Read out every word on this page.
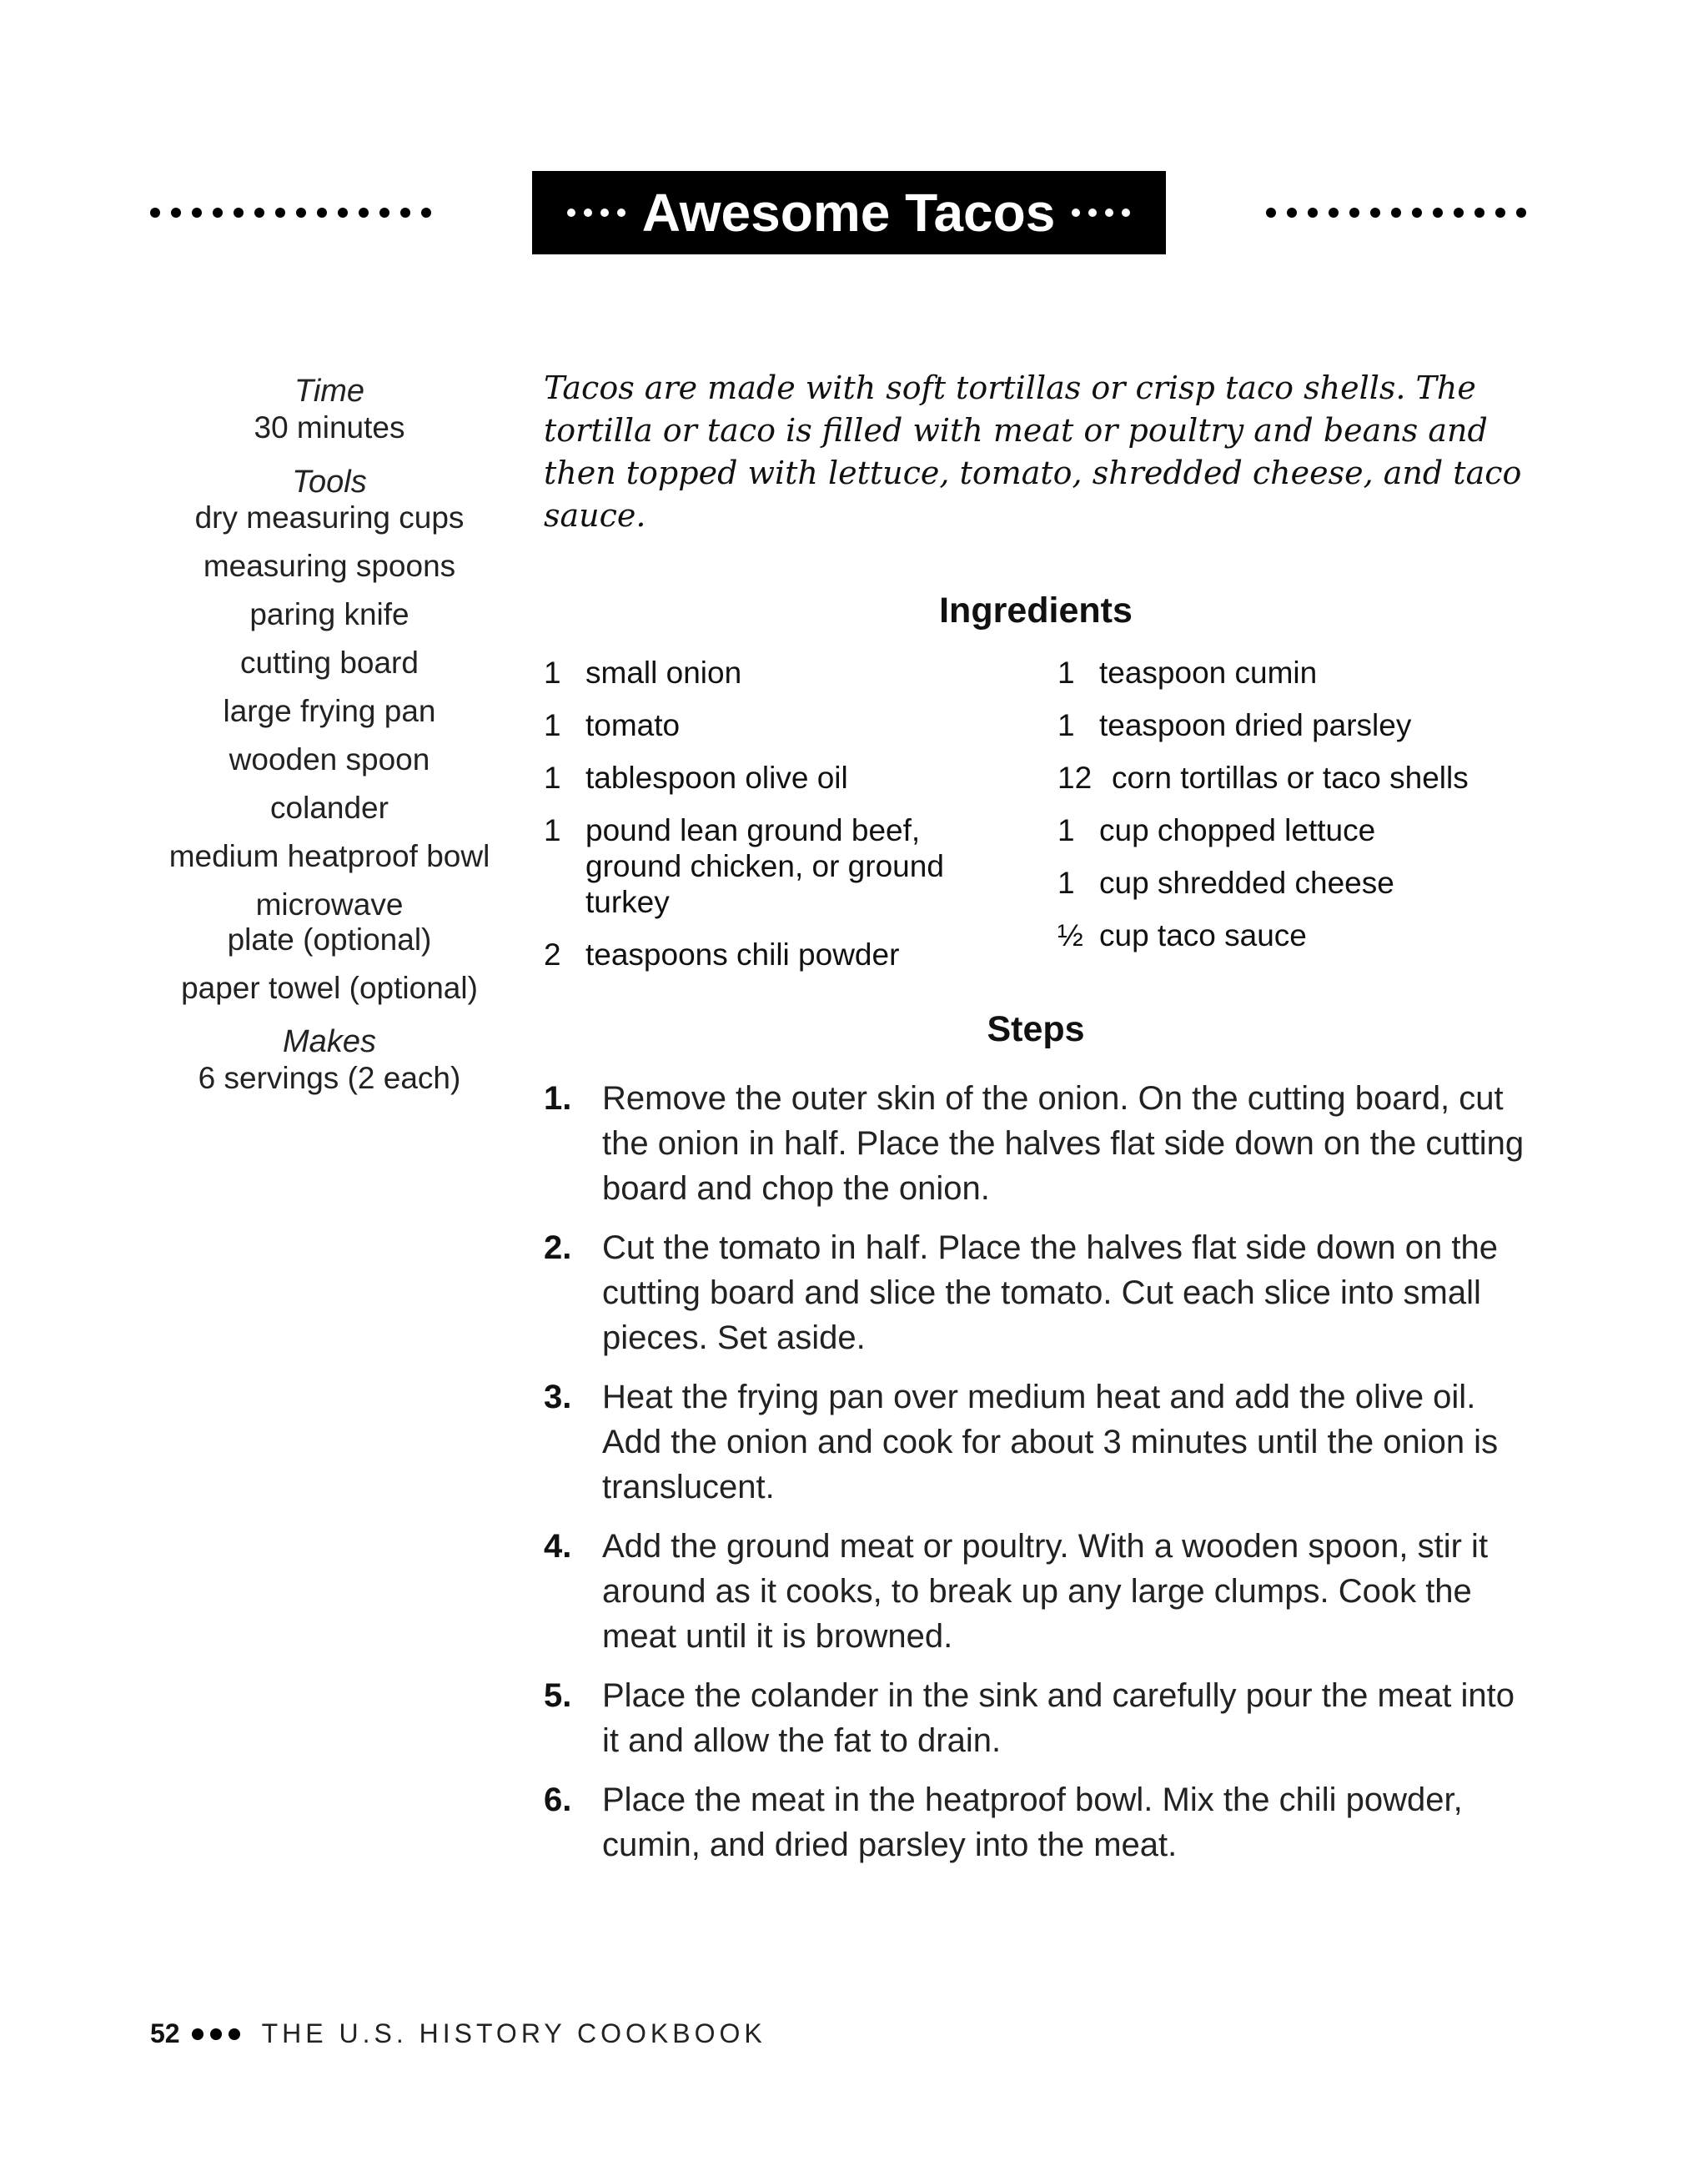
Awesome Tacos
Time
30 minutes
Tools
dry measuring cups
measuring spoons
paring knife
cutting board
large frying pan
wooden spoon
colander
medium heatproof bowl
microwave plate (optional)
paper towel (optional)
Makes
6 servings (2 each)
Tacos are made with soft tortillas or crisp taco shells. The tortilla or taco is filled with meat or poultry and beans and then topped with lettuce, tomato, shredded cheese, and taco sauce.
Ingredients
1 small onion
1 tomato
1 tablespoon olive oil
1 pound lean ground beef, ground chicken, or ground turkey
2 teaspoons chili powder
1 teaspoon cumin
1 teaspoon dried parsley
12 corn tortillas or taco shells
1 cup chopped lettuce
1 cup shredded cheese
½ cup taco sauce
Steps
1. Remove the outer skin of the onion. On the cutting board, cut the onion in half. Place the halves flat side down on the cutting board and chop the onion.
2. Cut the tomato in half. Place the halves flat side down on the cutting board and slice the tomato. Cut each slice into small pieces. Set aside.
3. Heat the frying pan over medium heat and add the olive oil. Add the onion and cook for about 3 minutes until the onion is translucent.
4. Add the ground meat or poultry. With a wooden spoon, stir it around as it cooks, to break up any large clumps. Cook the meat until it is browned.
5. Place the colander in the sink and carefully pour the meat into it and allow the fat to drain.
6. Place the meat in the heatproof bowl. Mix the chili powder, cumin, and dried parsley into the meat.
52	THE U.S. HISTORY COOKBOOK
